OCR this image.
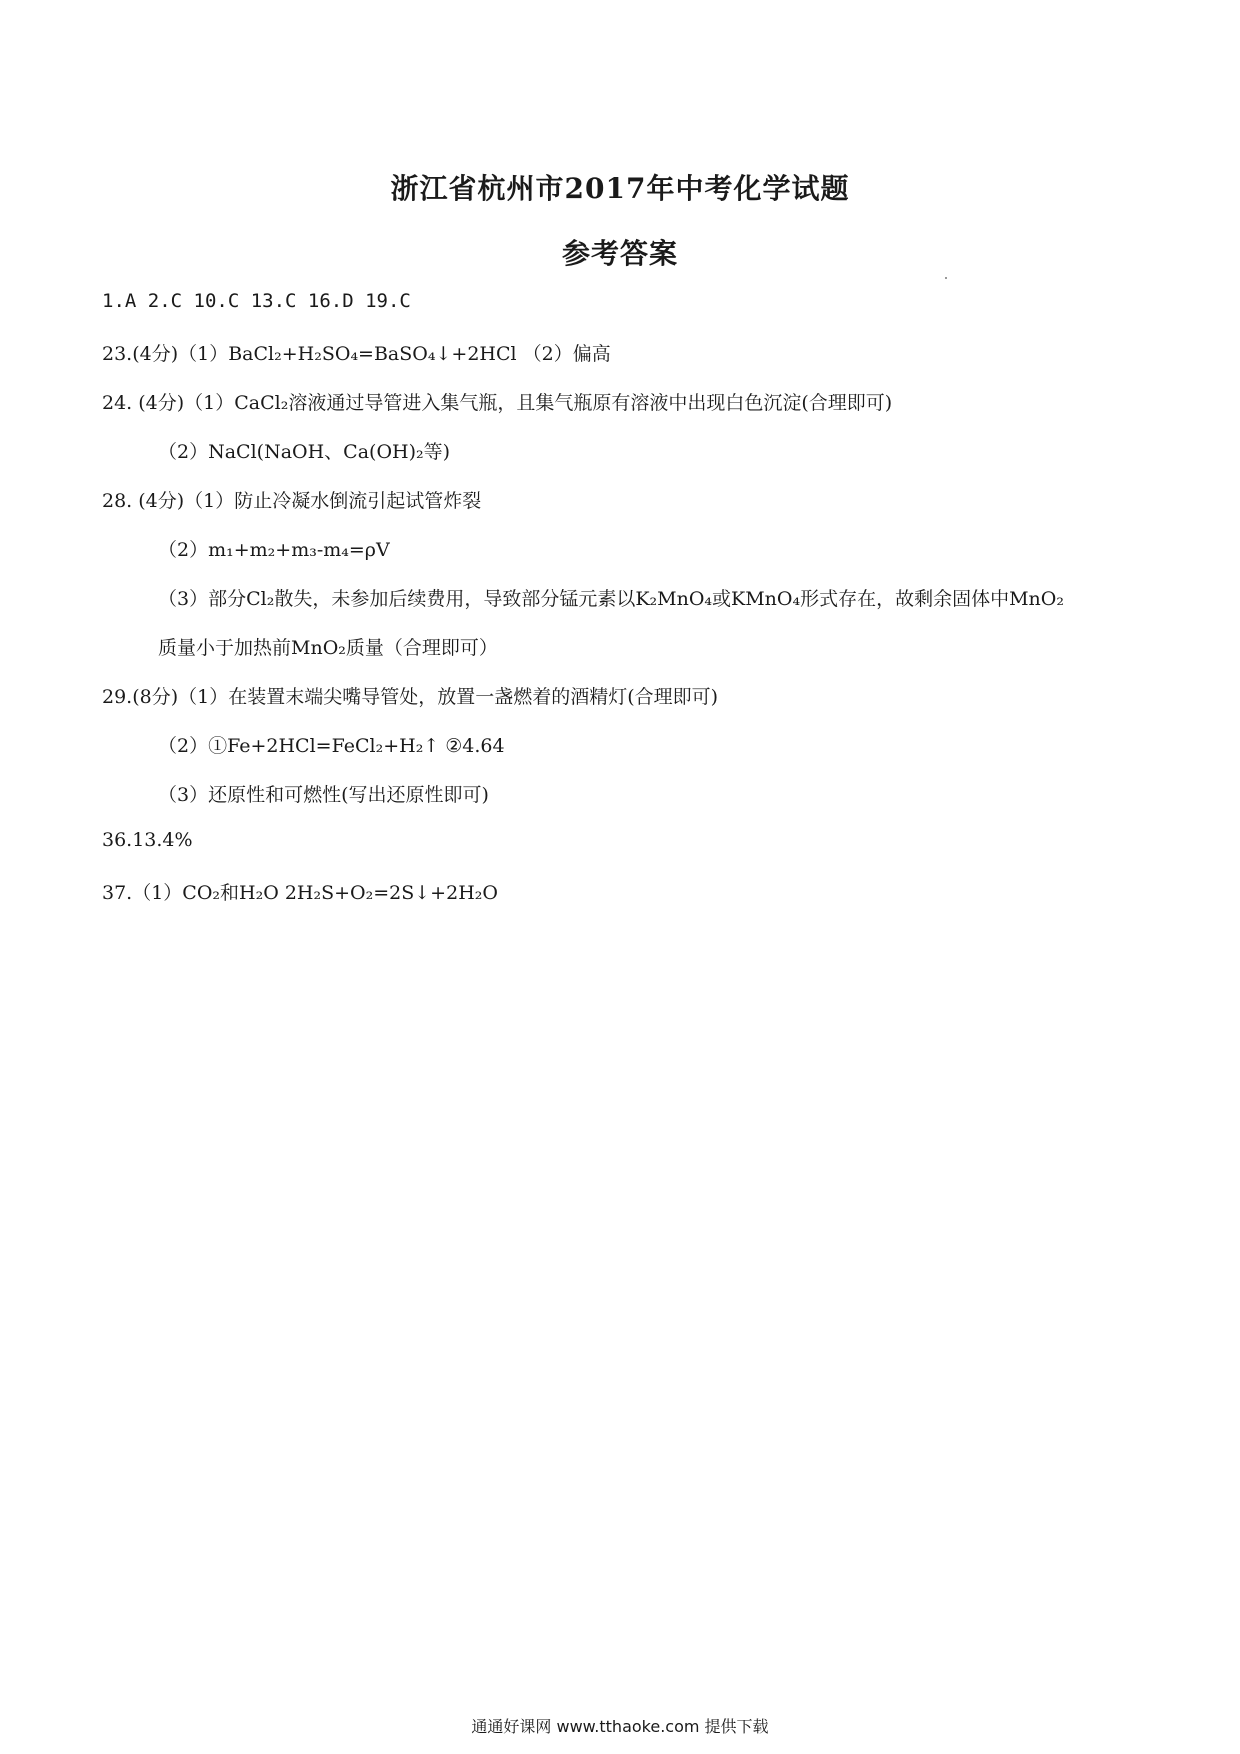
浙江省杭州市2017年中考化学试题
参考答案

1.A 2.C 10.C 13.C 16.D 19.C

23.(4分)（1）BaCl₂+H₂SO₄=BaSO₄↓+2HCl （2）偏高

24. (4分)（1）CaCl₂溶液通过导管进入集气瓶，且集气瓶原有溶液中出现白色沉淀(合理即可)

（2）NaCl(NaOH、Ca(OH)₂等)

28. (4分)（1）防止冷凝水倒流引起试管炸裂

（2）m₁+m₂+m₃-m₄=ρV

（3）部分Cl₂散失，未参加后续费用，导致部分锰元素以K₂MnO₄或KMnO₄形式存在，故剩余固体中MnO₂

质量小于加热前MnO₂质量（合理即可）

29.(8分)（1）在装置末端尖嘴导管处，放置一盏燃着的酒精灯(合理即可)

（2）①Fe+2HCl=FeCl₂+H₂↑ ②4.64

（3）还原性和可燃性(写出还原性即可)

36.13.4%

37.（1）CO₂和H₂O 2H₂S+O₂=2S↓+2H₂O

通通好课网 www.tthaoke.com 提供下载
